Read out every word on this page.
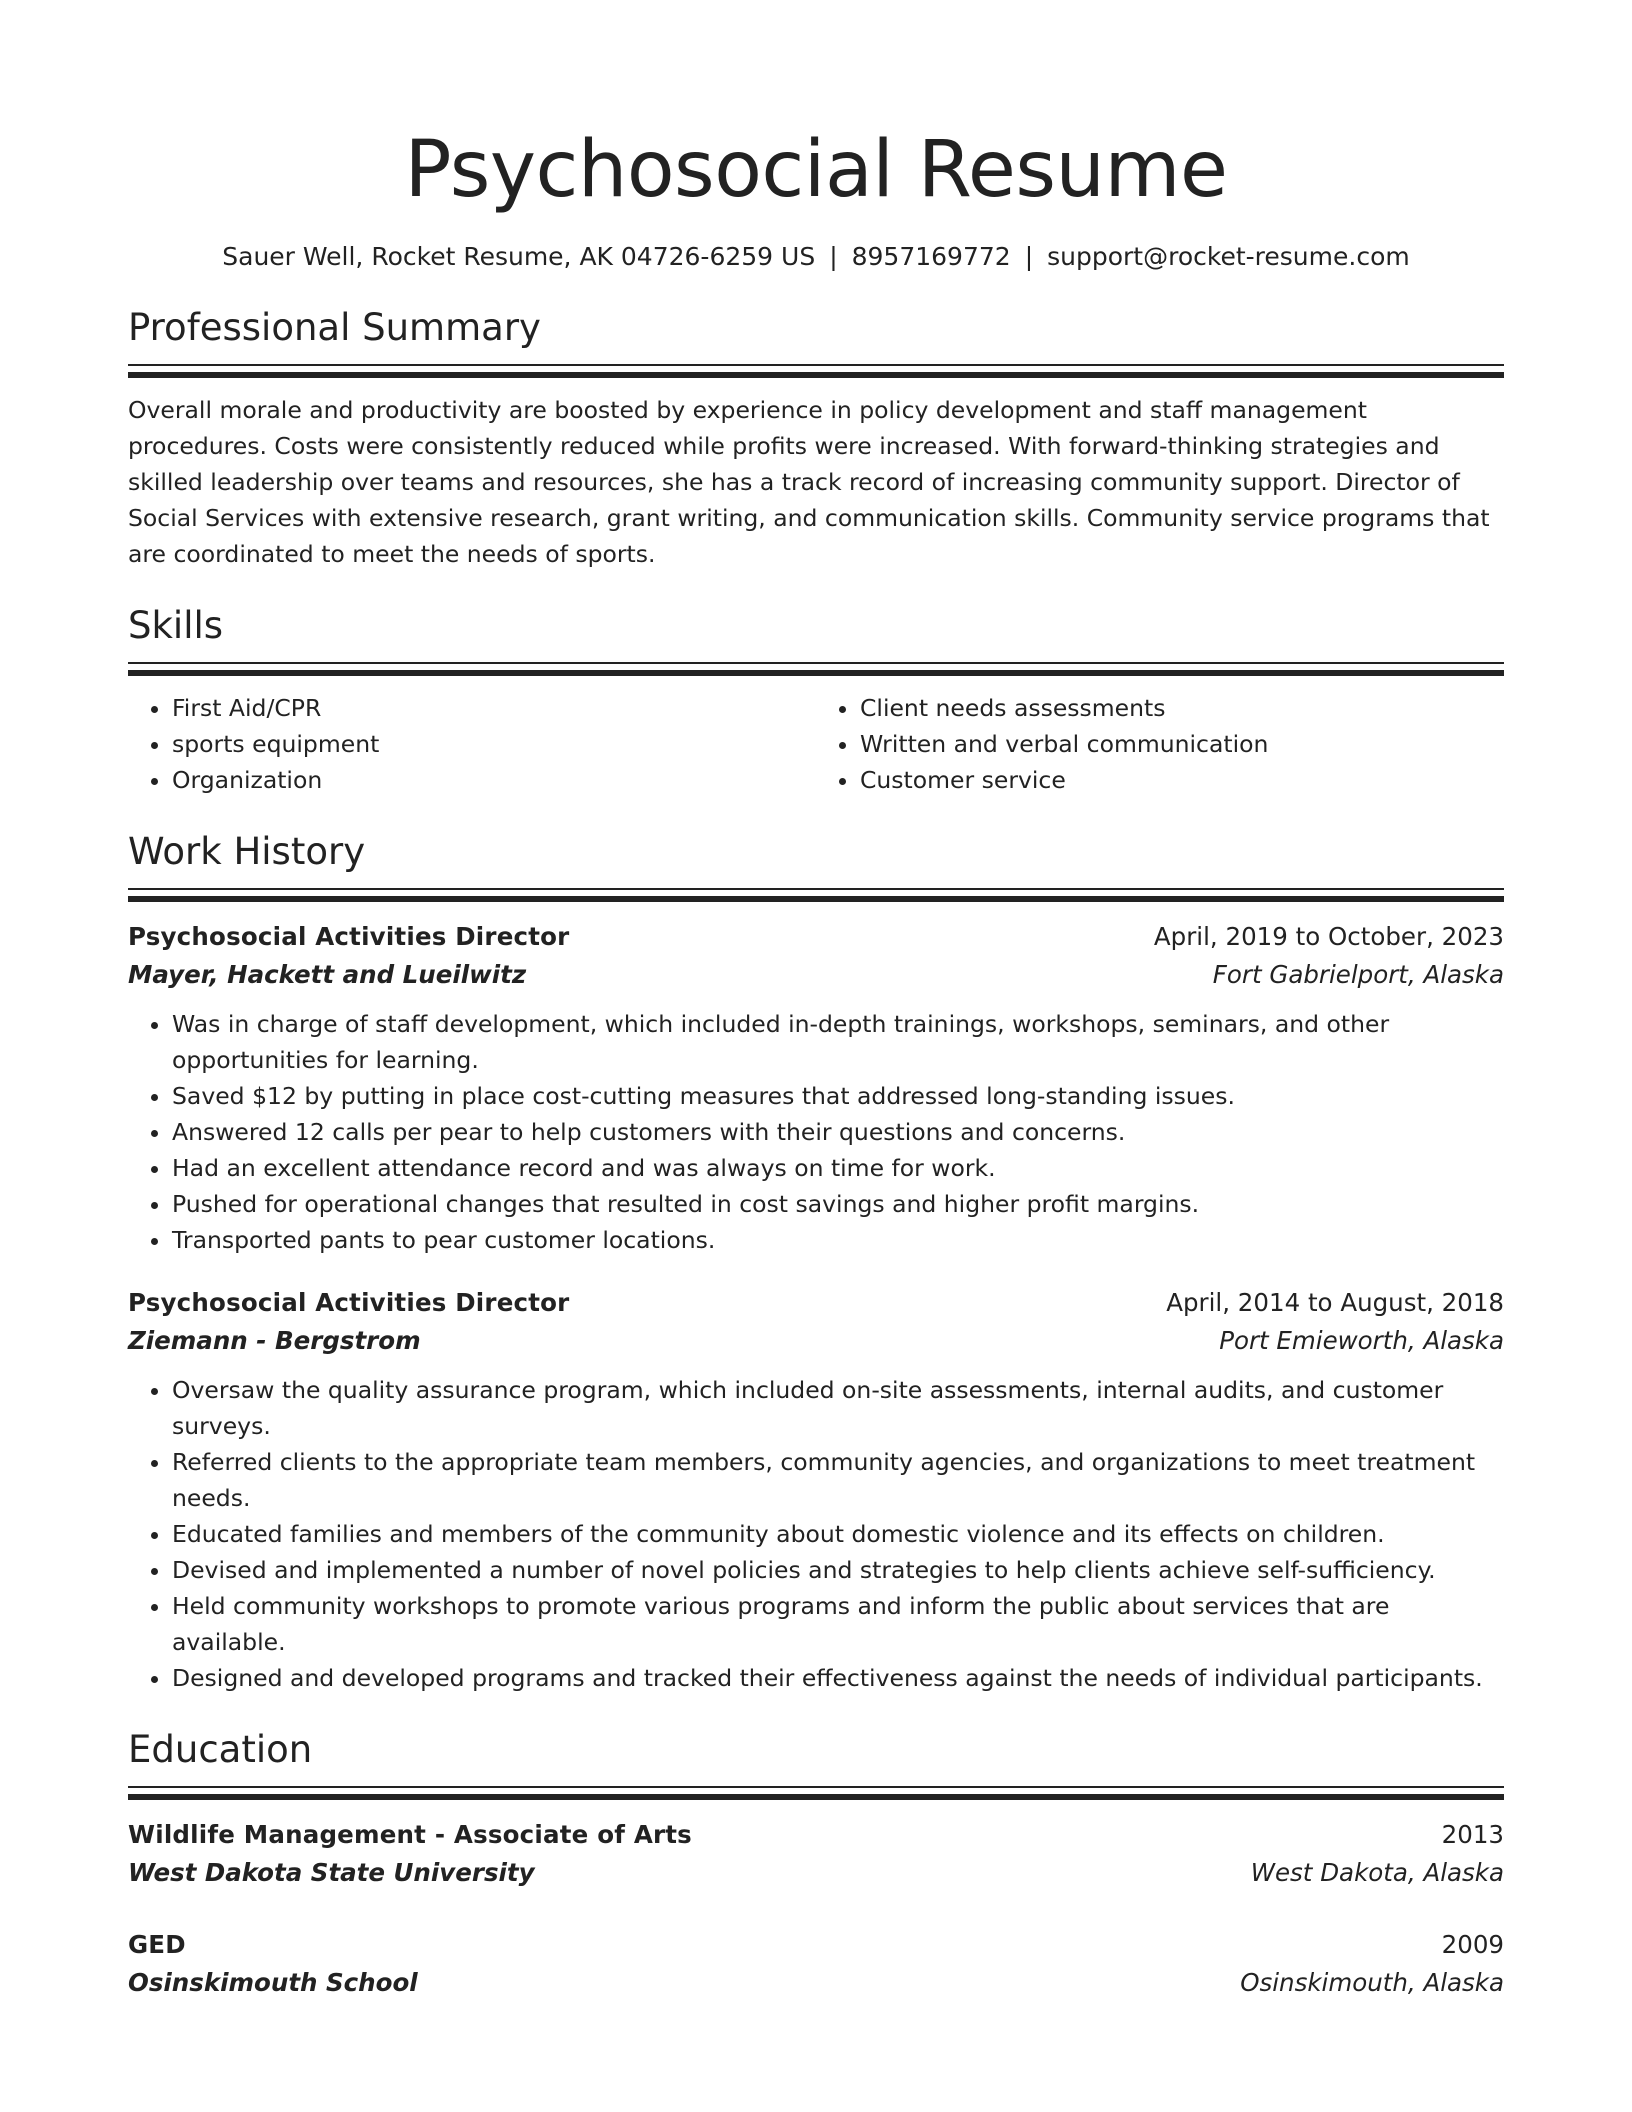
Psychosocial Resume
Sauer Well, Rocket Resume, AK 04726-6259 US | 8957169772 | support@rocket-resume.com
Professional Summary

Overall morale and productivity are boosted by experience in policy development and staff management procedures. Costs were consistently reduced while profits were increased. With forward-thinking strategies and skilled leadership over teams and resources, she has a track record of increasing community support. Director of Social Services with extensive research, grant writing, and communication skills. Community service programs that are coordinated to meet the needs of sports.

Skills
• First Aid/CPR
• sports equipment
• Organization
• Client needs assessments
• Written and verbal communication
• Customer service
Work History
Psychosocial Activities Director	April, 2019 to October, 2023
Mayer, Hackett and Lueilwitz	Fort Gabrielport, Alaska
• Was in charge of staff development, which included in-depth trainings, workshops, seminars, and other opportunities for learning.
• Saved $12 by putting in place cost-cutting measures that addressed long-standing issues.
• Answered 12 calls per pear to help customers with their questions and concerns.
• Had an excellent attendance record and was always on time for work.
• Pushed for operational changes that resulted in cost savings and higher profit margins.
• Transported pants to pear customer locations.
Psychosocial Activities Director	April, 2014 to August, 2018
Ziemann - Bergstrom	Port Emieworth, Alaska
• Oversaw the quality assurance program, which included on-site assessments, internal audits, and customer surveys.
• Referred clients to the appropriate team members, community agencies, and organizations to meet treatment needs.
• Educated families and members of the community about domestic violence and its effects on children.
• Devised and implemented a number of novel policies and strategies to help clients achieve self-sufficiency.
• Held community workshops to promote various programs and inform the public about services that are available.
• Designed and developed programs and tracked their effectiveness against the needs of individual participants.
Education
Wildlife Management - Associate of Arts	2013
West Dakota State University	West Dakota, Alaska
GED	2009
Osinskimouth School	Osinskimouth, Alaska
